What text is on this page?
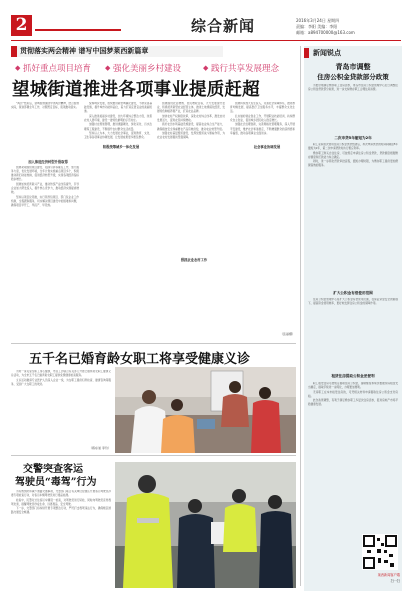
2	综合新闻	2016年3月24日 星期四
责编：李阳 美编：李阳
邮箱：a894700000@163.com
贯彻落实两会精神 谱写中国梦莱西新篇章
◆ 抓好重点项目培育 ◆ 强化美丽乡村建设	◆ 践行共享发展理念
望城街道推进各项事业提质赶超

“两会”结束后，望城街道围绕中央两会精神，结合街道实际，谋划部署全年工作，对照既定目标，逐项推动落实。

加入推进经济转型升级取得

街道紧紧围绕项目建设、招商引资等重点工作，加大服务力度，优化发展环境，全年计划实施重点项目多个，积极推动新旧动能转换，促进经济转型升级，实现各项经济指标稳步增长。

街道加快培育新兴产业，推动传统产业改造提升，引导企业加大研发投入，提升核心竞争力，推动经济实现提质增效。

坚持以项目论英雄，实行领导包项目、部门包企业工作机制，全程跟踪服务，切实解决项目建设中的困难和问题，确保项目早开工、早投产、早见效。

统筹城乡发展，加快推进新型城镇化建设，不断完善基础设施，提升城市功能和品位，着力打造宜居宜业的美丽街道。

深入推进美丽乡村建设，加大环境综合整治力度，改善农村人居环境，建设一批特色鲜明的示范村庄。

加强村庄规划管理，推进道路硬化、绿化亮化、污水治理等工程建设，不断提升农村群众生活质量。

坚持以人为本，大力发展社会事业，促进教育、文化、卫生等各项事业协调发展，让发展成果更多惠及群众。

积极统筹城乡一体化发展
狠抓农业农村工作

街道围绕农业增效、农民增收目标，大力发展现代农业，积极培育新型农业经营主体，推进土地规模化经营，发展特色种植养殖产业，打造农业品牌。

加快农村产权制度改革，深化农村综合改革，激发农村发展活力，促进农民持续增收。

抓好农田水利基础设施建设，提高农业综合生产能力，确保粮食安全和重要农产品有效供给，推动农业转型升级。

加强农村基层组织建设，发挥党组织战斗堡垒作用，为农业农村发展提供坚强保障。

社会事业协调发展

街道持续加大民生投入，完善社会保障体系，推进教育均衡发展，提高医疗卫生服务水平，丰富群众文化生活。

扎实做好就业创业工作，开展职业技能培训，扶持群众自主创业，促进城乡居民收入稳定增长。

加强社会治理创新，完善网格化管理服务，深入开展平安建设，维护社会和谐稳定，不断增强群众的获得感和幸福感，推动各项事业全面进步。

（张丽娜）
五千名已婚育龄女职工将享受健康义诊

为进一步关爱女职工身心健康，市总工会联合有关部门开展已婚育龄女职工健康义诊活动，为全市五千名已婚育龄女职工提供免费健康检查服务。

义诊活动邀请专业医护人员深入企业一线，为女职工提供妇科检查、健康咨询等服务，受到广大女职工的欢迎。

（蒋东旭 李玲）
交警突查客运
驾驶员“毒驾”行为

为有效预防和减少道路交通事故，交警部门联合有关单位在辖区开展客运驾驶员涉毒专项检查行动，对客运车辆驾驶员进行毒品检测。

检查中，民警对过往客运车辆逐一检查，对驾驶员进行尿检，同时向驾驶员宣传毒驾危害，提醒驾驶员珍爱生命、远离毒品、安全驾驶。

下一步，交警部门将持续开展专项整治行动，严厉打击毒驾违法行为，确保辖区道路交通安全畅通。

新闻锐点
青岛市调整
住房公积金贷款部分政策

为更好地满足缴存职工住房需求，青岛市住房公积金管理中心近日调整住房公积金贷款部分政策，进一步支持缴存职工合理住房消费。

二次申贷5年缩短为2年

职工家庭首次使用住房公积金贷款结清后，再次申请贷款的时间间隔由5年缩短为2年，第二次申请贷款时执行相应利率。

缴存职工购买自住住房，可按规定申请住房公积金贷款，贷款额度根据缴存额度和还款能力综合确定。

同时，进一步简化贷款审批流程，缩短办理时限，为缴存职工提供更加便捷高效的服务。

扩大公积金有偿使用范围

住房公积金管理中心将扩大公积金有偿使用范围，在保证资金安全的前提下，提高资金使用效率，更好地发挥住房公积金的保障作用。

租赁住房提取公积金更便利

职工租赁住房可按规定提取住房公积金，提取额度和频次根据实际租金支出确定，提取手续进一步简化，办理更加便利。

无房职工在本市租赁住房的，可凭相关材料申请提取住房公积金支付房租。

此次政策调整，有利于满足缴存职工多层次住房需求，促进房地产市场平稳健康发展。

莱西新闻客户端
扫一扫
